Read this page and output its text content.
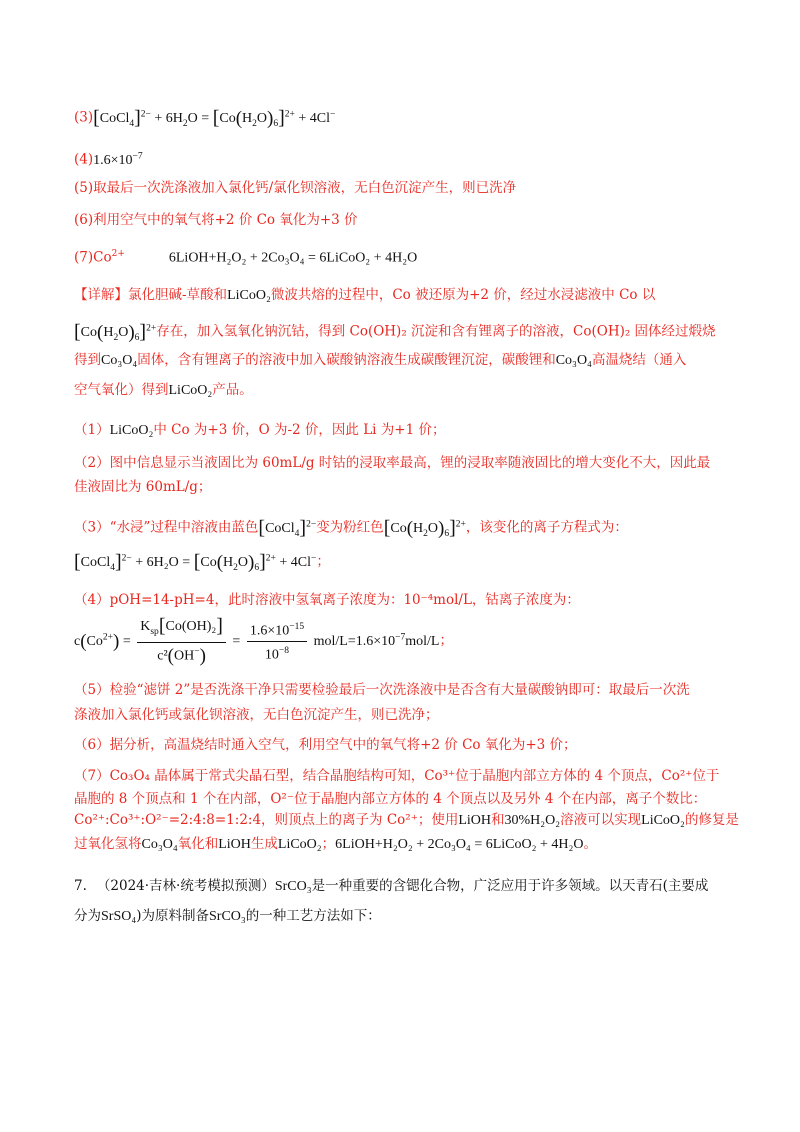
(3)[CoCl$_4$]$^{2-}$ + $6H_2O = [Co(H_2O)_6]^{2+} + 4Cl^-$
$(4)1.6\times 10^{-7}$
(5)取最后一次洗涤液加入氯化钙/氯化钡溶液，无白色沉淀产生，则已洗净
(6)利用空气中的氧气将+2 价 Co 氧化为+3 价
$(7)Co^{2+}$	6LiOH+H₂O₂ + 2Co₃O₄ = 6LiCoO₂ + 4H₂O
【详解】氯化胆碱-草酸和LiCoO₂微波共熔的过程中，Co 被还原为+2 价，经过水浸滤液中 Co 以
$[Co(H_2O)_6]^{2+}$存在，加入氢氧化钠沉钴，得到 Co(OH)₂ 沉淀和含有锂离子的溶液，Co(OH)₂ 固体经过煅烧
得到Co₃O₄固体，含有锂离子的溶液中加入碳酸钠溶液生成碳酸锂沉淀，碳酸锂和Co₃O₄高温烧结（通入
空气氧化）得到LiCoO₂产品。
（1）LiCoO₂中 Co 为+3 价，O 为-2 价，因此 Li 为+1 价；
（2）图中信息显示当液固比为 60mL/g 时钴的浸取率最高，锂的浸取率随液固比的增大变化不大，因此最
佳液固比为 60mL/g；
（3）“水浸”过程中溶液由蓝色[CoCl$_4$]$^{2-}$变为粉红色$[Co(H_2O)_6]^{2+}$，该变化的离子方程式为：
[CoCl$_4$]$^{2-}$ + $6H_2O = [Co(H_2O)_6]^{2+} + 4Cl^-$；
（4）pOH=14-pH=4，此时溶液中氢氧离子浓度为：10⁻⁴mol/L，钴离子浓度为：
$c(Co^{2+}) = \frac{K_{sp}[Co(OH)_2]}{c^2(OH^-)} = \frac{1.6\times 10^{-15}}{10^{-8}} mol/L=1.6\times 10^{-7}mol/L$；
（5）检验“滤饼 2”是否洗涤干净只需要检验最后一次洗涤液中是否含有大量碳酸钠即可：取最后一次洗
涤液加入氯化钙或氯化钡溶液，无白色沉淀产生，则已洗净；
（6）据分析，高温烧结时通入空气，利用空气中的氧气将+2 价 Co 氧化为+3 价；
（7）Co₃O₄ 晶体属于常式尖晶石型，结合晶胞结构可知，Co³⁺位于晶胞内部立方体的 4 个顶点，Co²⁺位于
晶胞的 8 个顶点和 1 个在内部，O²⁻位于晶胞内部立方体的 4 个顶点以及另外 4 个在内部，离子个数比：
Co²⁺:Co³⁺:O²⁻=2:4:8=1:2:4，则顶点上的离子为 Co²⁺；使用LiOH和30%H₂O₂溶液可以实现LiCoO₂的修复是
过氧化氢将Co₃O₄氧化和LiOH生成LiCoO₂；6LiOH+H₂O₂ + 2Co₃O₄ = 6LiCoO₂ + 4H₂O。
7. （2024·吉林·统考模拟预测）SrCO₃是一种重要的含锶化合物，广泛应用于许多领域。以天青石(主要成
分为SrSO₄)为原料制备SrCO₃的一种工艺方法如下：
